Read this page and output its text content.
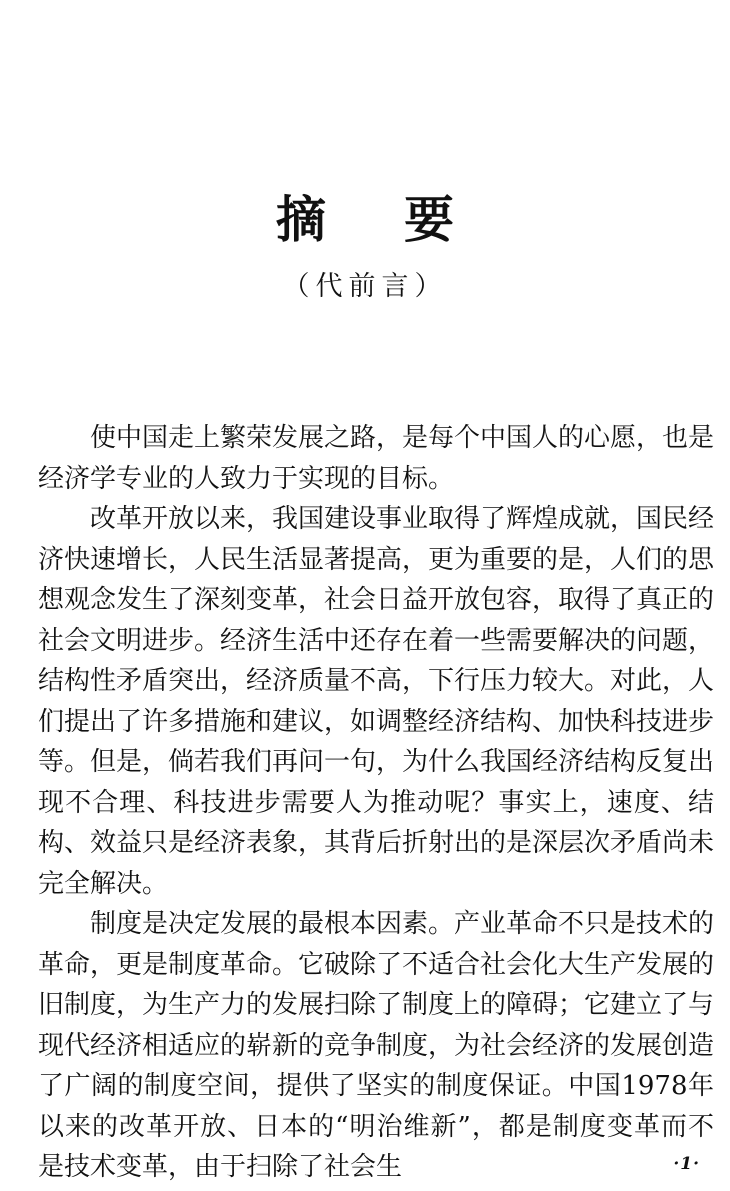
摘要
（代前言）

使中国走上繁荣发展之路，是每个中国人的心愿，也是经济学专业的人致力于实现的目标。

改革开放以来，我国建设事业取得了辉煌成就，国民经济快速增长，人民生活显著提高，更为重要的是，人们的思想观念发生了深刻变革，社会日益开放包容，取得了真正的社会文明进步。经济生活中还存在着一些需要解决的问题，结构性矛盾突出，经济质量不高，下行压力较大。对此，人们提出了许多措施和建议，如调整经济结构、加快科技进步等。但是，倘若我们再问一句，为什么我国经济结构反复出现不合理、科技进步需要人为推动呢？事实上，速度、结构、效益只是经济表象，其背后折射出的是深层次矛盾尚未完全解决。

制度是决定发展的最根本因素。产业革命不只是技术的革命，更是制度革命。它破除了不适合社会化大生产发展的旧制度，为生产力的发展扫除了制度上的障碍；它建立了与现代经济相适应的崭新的竞争制度，为社会经济的发展创造了广阔的制度空间，提供了坚实的制度保证。中国1978年以来的改革开放、日本的“明治维新”，都是制度变革而不是技术变革，由于扫除了社会生	·1·
